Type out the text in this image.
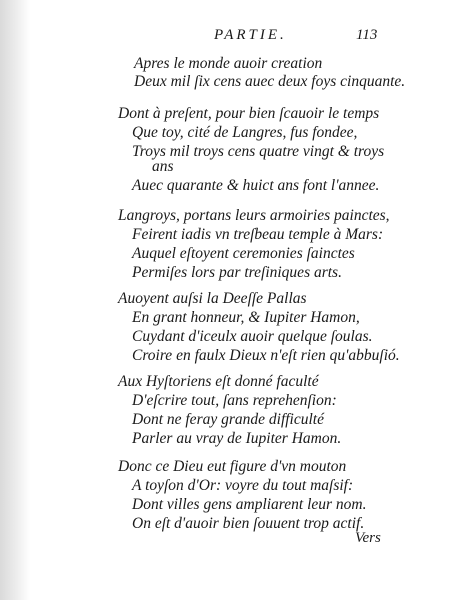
PARTIE.	113
Apres le monde auoir creation
Deux mil ſix cens auec deux foys cinquante.
Dont à preſent, pour bien ſcauoir le temps
Que toy, cité de Langres, fus fondee,
Troys mil troys cens quatre vingt & troys
ans
Auec quarante & huict ans font l'annee.
Langroys, portans leurs armoiries painctes,
Feirent iadis vn treſbeau temple à Mars:
Auquel eſtoyent ceremonies ſainctes
Permiſes lors par treſiniques arts.
Auoyent auſsi la Deeſſe Pallas
En grant honneur, & Iupiter Hamon,
Cuydant d'iceulx auoir quelque ſoulas.
Croire en faulx Dieux n'eſt rien qu'abbuſió.
Aux Hyſtoriens eſt donné faculté
D'eſcrire tout, ſans reprehenſion:
Dont ne feray grande difficulté
Parler au vray de Iupiter Hamon.
Donc ce Dieu eut figure d'vn mouton
A toyſon d'Or: voyre du tout maſsif:
Dont villes gens ampliarent leur nom.
On eſt d'auoir bien ſouuent trop actif.
Vers
